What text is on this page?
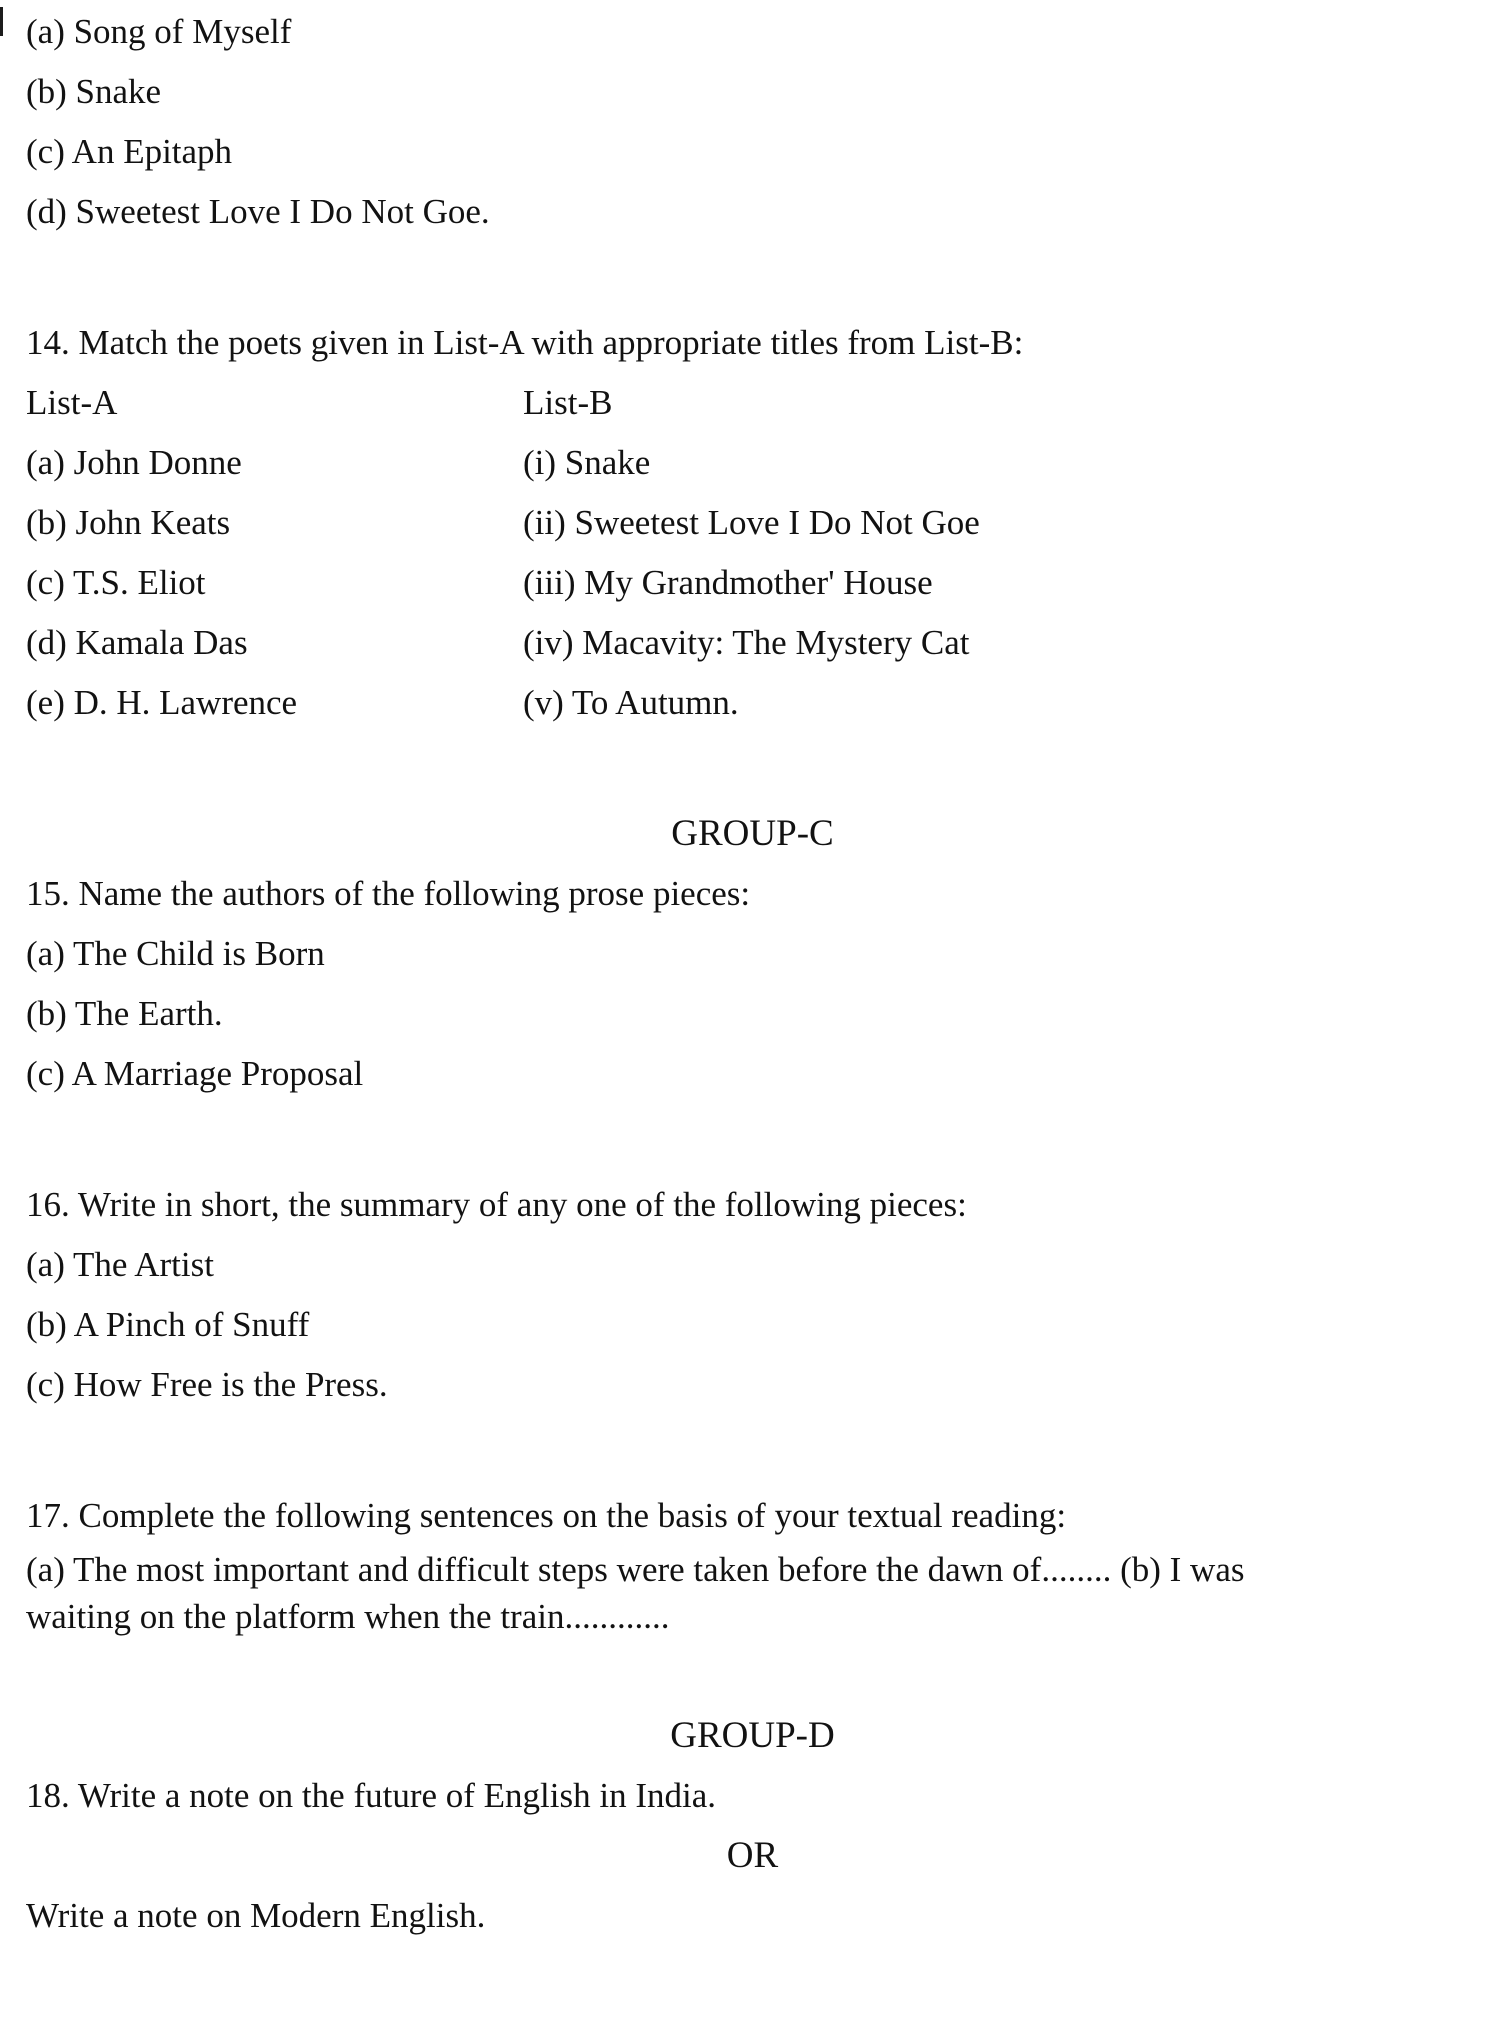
(a) Song of Myself
(b) Snake
(c) An Epitaph
(d) Sweetest Love I Do Not Goe.
14. Match the poets given in List-A with appropriate titles from List-B:
List-A	List-B
(a) John Donne	(i) Snake
(b) John Keats	(ii) Sweetest Love I Do Not Goe
(c) T.S. Eliot	(iii) My Grandmother' House
(d) Kamala Das	(iv) Macavity: The Mystery Cat
(e) D. H. Lawrence	(v) To Autumn.
GROUP-C
15. Name the authors of the following prose pieces:
(a) The Child is Born
(b) The Earth.
(c) A Marriage Proposal
16. Write in short, the summary of any one of the following pieces:
(a) The Artist
(b) A Pinch of Snuff
(c) How Free is the Press.
17. Complete the following sentences on the basis of your textual reading:
(a) The most important and difficult steps were taken before the dawn of........ (b) I was
waiting on the platform when the train............
GROUP-D
18. Write a note on the future of English in India.
OR
Write a note on Modern English.
